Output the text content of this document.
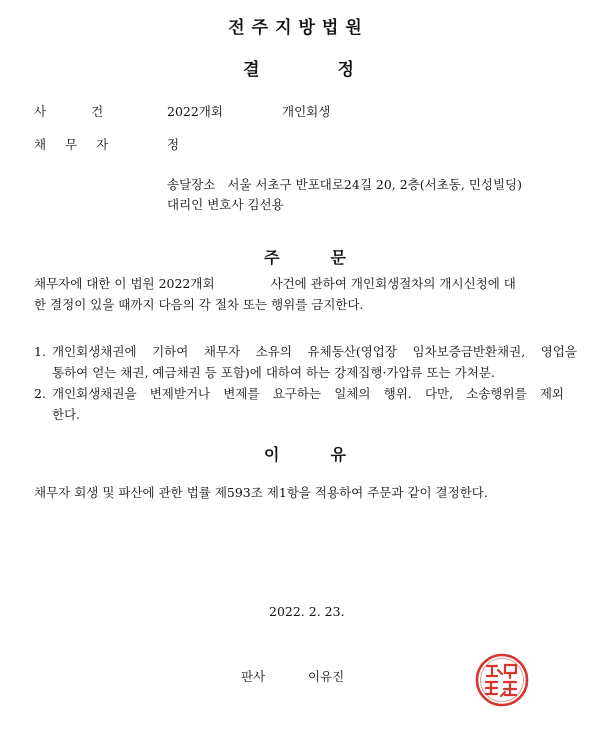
전주지방법원
결	정
사	건	2022개회	개인회생
채 무 자	정
송달장소 서울 서초구 반포대로24길 20, 2층(서초동, 민성빌딩)
대리인 변호사 김선용
주	문
채무자에 대한 이 법원 2022개회	사건에 관하여 개인회생절차의 개시신청에 대
한 결정이 있을 때까지 다음의 각 절차 또는 행위를 금지한다.
1. 개인회생채권에 기하여 채무자 소유의 유체동산(영업장 임차보증금반환채권, 영업을
통하여 얻는 채권, 예금채권 등 포함)에 대하여 하는 강제집행·가압류 또는 가처분.
2. 개인회생채권을 변제받거나 변제를 요구하는 일체의 행위. 다만, 소송행위를 제외
한다.
이	유
채무자 회생 및 파산에 관한 법률 제593조 제1항을 적용하여 주문과 같이 결정한다.
2022. 2. 23.
판사	이유진
